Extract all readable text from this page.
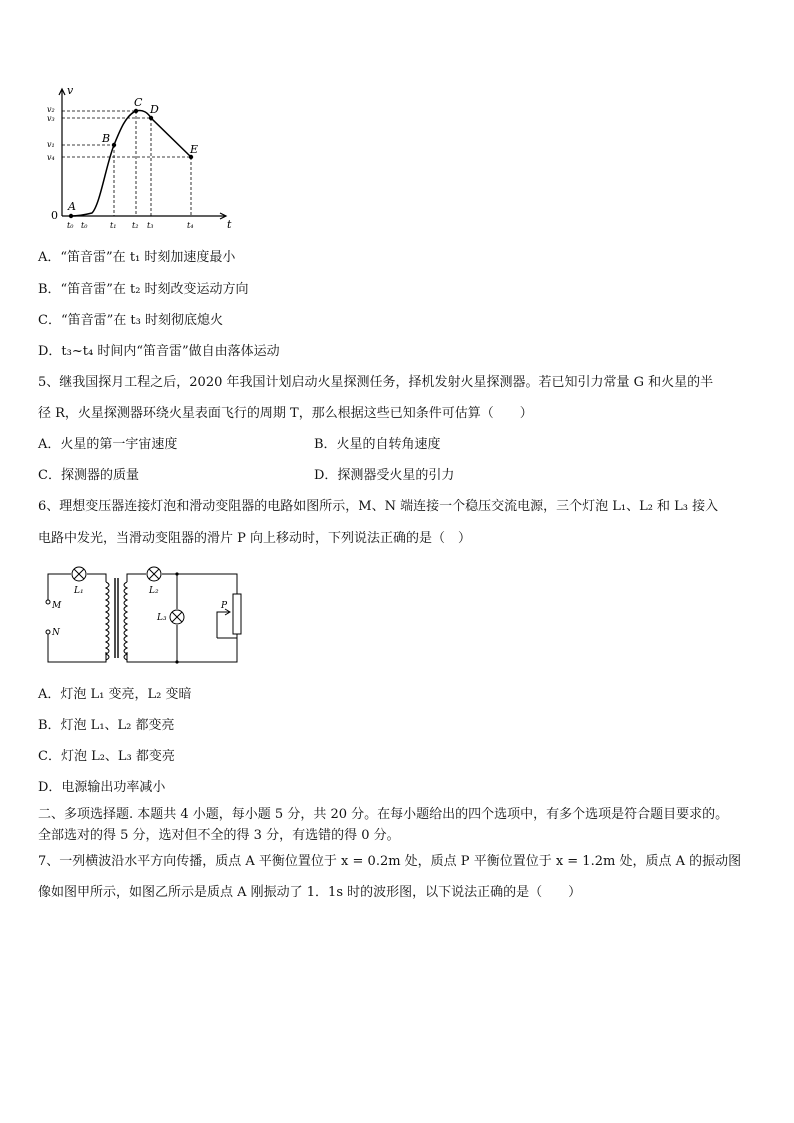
v
t
A
B
C
D
E
0
v₂
v₃
v₁
v₄
t₀ t₀	t₁ t₂ t₃	t₄
A．“笛音雷”在 t₁ 时刻加速度最小
B．“笛音雷”在 t₂ 时刻改变运动方向
C．“笛音雷”在 t₃ 时刻彻底熄火
D．t₃~t₄ 时间内“笛音雷”做自由落体运动
5、继我国探月工程之后，2020 年我国计划启动火星探测任务，择机发射火星探测器。若已知引力常量 G 和火星的半
径 R，火星探测器环绕火星表面飞行的周期 T，那么根据这些已知条件可估算（　　）
A．火星的第一宇宙速度	B．火星的自转角速度
C．探测器的质量	D．探测器受火星的引力
6、理想变压器连接灯泡和滑动变阻器的电路如图所示，M、N 端连接一个稳压交流电源，三个灯泡 L₁、L₂ 和 L₃ 接入
电路中发光，当滑动变阻器的滑片 P 向上移动时，下列说法正确的是（　）
M
N
L₁	L₂
L₃
P
A．灯泡 L₁ 变亮，L₂ 变暗
B．灯泡 L₁、L₂ 都变亮
C．灯泡 L₂、L₃ 都变亮
D．电源输出功率减小
二、多项选择题. 本题共 4 小题，每小题 5 分，共 20 分。在每小题给出的四个选项中，有多个选项是符合题目要求的。
全部选对的得 5 分，选对但不全的得 3 分，有选错的得 0 分。
7、一列横波沿水平方向传播，质点 A 平衡位置位于 x = 0.2m 处，质点 P 平衡位置位于 x = 1.2m 处，质点 A 的振动图
像如图甲所示，如图乙所示是质点 A 刚振动了 1．1s 时的波形图，以下说法正确的是（　　）
